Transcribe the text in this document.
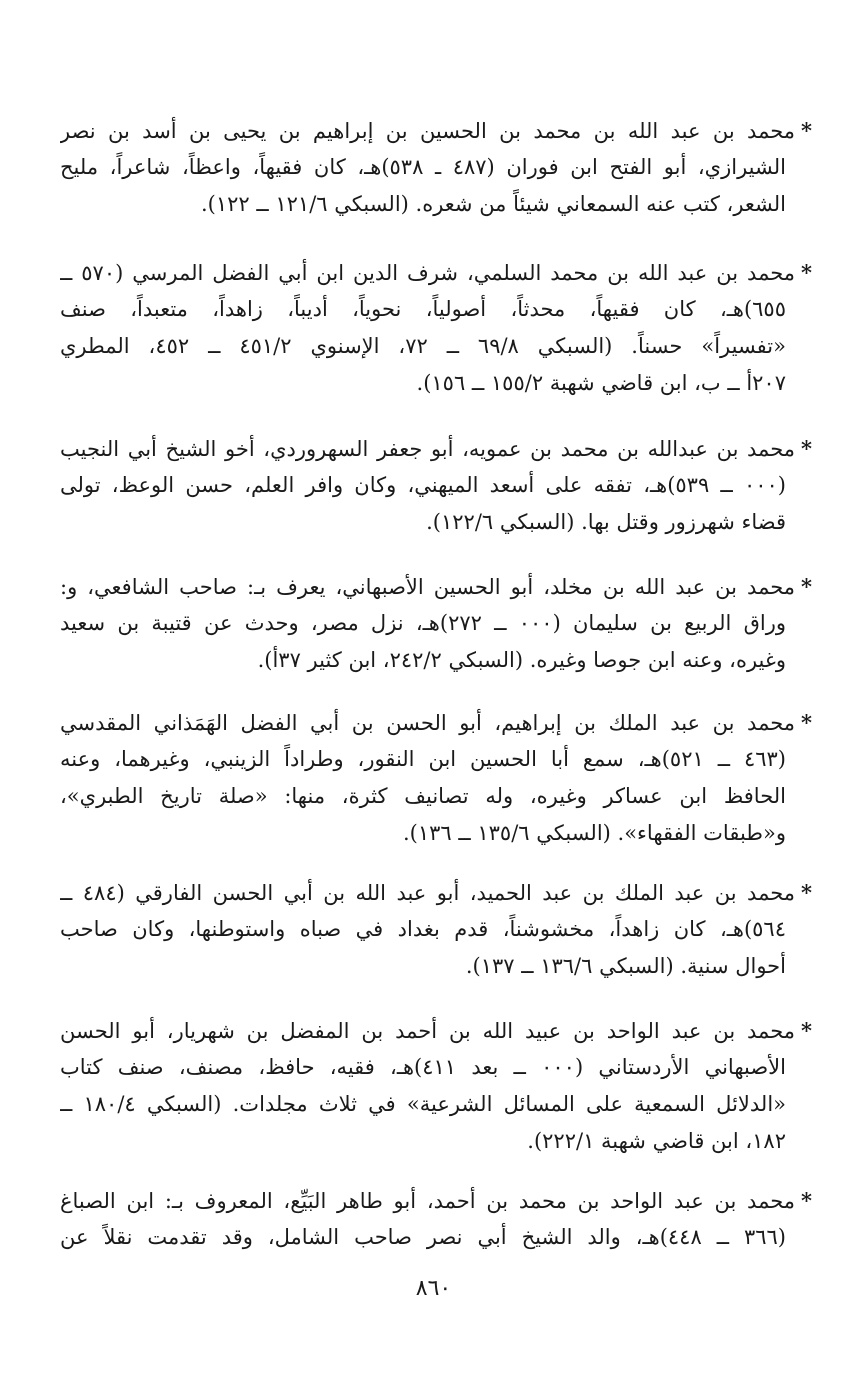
*محمد بن عبد الله بن محمد بن الحسين بن إبراهيم بن يحيى بن أسد بن نصر
الشيرازي، أبو الفتح ابن فوران (٤٨٧ ـ ٥٣٨)هـ، كان فقيهاً، واعظاً، شاعراً، مليح
الشعر، كتب عنه السمعاني شيئاً من شعره. (السبكي ١٢١/٦ ــ ١٢٢).
*محمد بن عبد الله بن محمد السلمي، شرف الدين ابن أبي الفضل المرسي (٥٧٠ ــ
٦٥٥)هـ، كان فقيهاً، محدثاً، أصولياً، نحوياً، أديباً، زاهداً، متعبداً، صنف
«تفسيراً» حسناً. (السبكي ٦٩/٨ ــ ٧٢، الإسنوي ٤٥١/٢ ــ ٤٥٢، المطري
٢٠٧أ ــ ب، ابن قاضي شهبة ١٥٥/٢ ــ ١٥٦).
*محمد بن عبدالله بن محمد بن عمويه، أبو جعفر السهروردي، أخو الشيخ أبي النجيب
(٠٠٠ ــ ٥٣٩)هـ، تفقه على أسعد الميهني، وكان وافر العلم، حسن الوعظ، تولى
قضاء شهرزور وقتل بها. (السبكي ١٢٢/٦).
*محمد بن عبد الله بن مخلد، أبو الحسين الأصبهاني، يعرف بـ: صاحب الشافعي، و:
وراق الربيع بن سليمان (٠٠٠ ــ ٢٧٢)هـ، نزل مصر، وحدث عن قتيبة بن سعيد
وغيره، وعنه ابن جوصا وغيره. (السبكي ٢٤٢/٢، ابن كثير ٣٧أ).
*محمد بن عبد الملك بن إبراهيم، أبو الحسن بن أبي الفضل الهَمَذاني المقدسي
(٤٦٣ ــ ٥٢١)هـ، سمع أبا الحسين ابن النقور، وطراداً الزينبي، وغيرهما، وعنه
الحافظ ابن عساكر وغيره، وله تصانيف كثرة، منها: «صلة تاريخ الطبري»،
و«طبقات الفقهاء». (السبكي ١٣٥/٦ ــ ١٣٦).
*محمد بن عبد الملك بن عبد الحميد، أبو عبد الله بن أبي الحسن الفارقي (٤٨٤ ــ
٥٦٤)هـ، كان زاهداً، مخشوشناً، قدم بغداد في صباه واستوطنها، وكان صاحب
أحوال سنية. (السبكي ١٣٦/٦ ــ ١٣٧).
*محمد بن عبد الواحد بن عبيد الله بن أحمد بن المفضل بن شهريار، أبو الحسن
الأصبهاني الأردستاني (٠٠٠ ــ بعد ٤١١)هـ، فقيه، حافظ، مصنف، صنف كتاب
«الدلائل السمعية على المسائل الشرعية» في ثلاث مجلدات. (السبكي ١٨٠/٤ ــ
١٨٢، ابن قاضي شهبة ٢٢٢/١).
*محمد بن عبد الواحد بن محمد بن أحمد، أبو طاهر البَيِّع، المعروف بـ: ابن الصباغ
(٣٦٦ ــ ٤٤٨)هـ، والد الشيخ أبي نصر صاحب الشامل، وقد تقدمت نقلاً عن
٨٦٠
